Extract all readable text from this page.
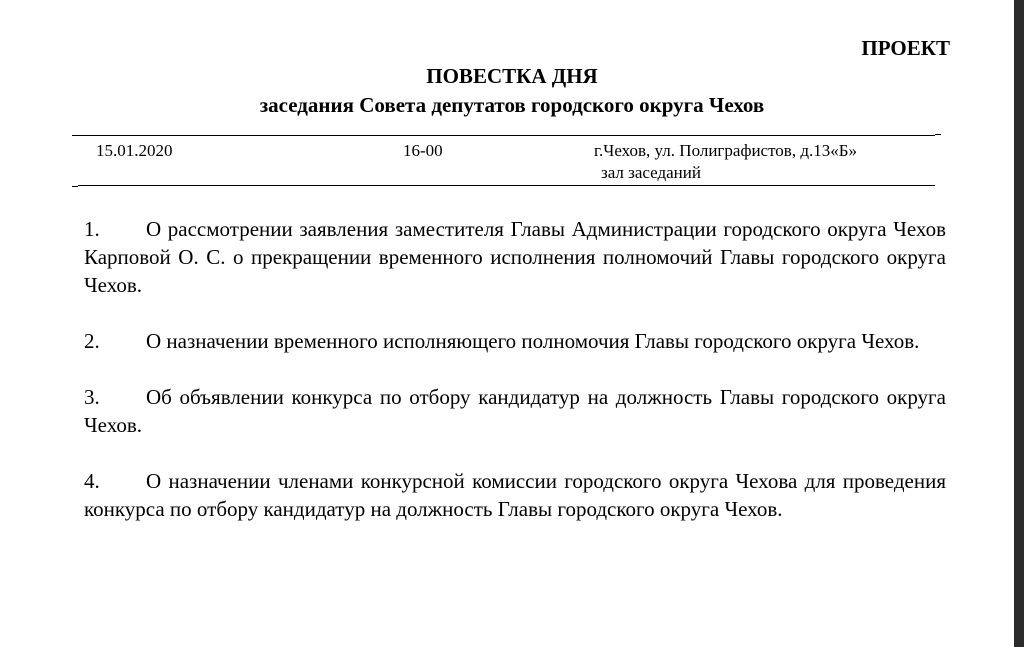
ПРОЕКТ
ПОВЕСТКА ДНЯ
заседания Совета депутатов городского округа Чехов
15.01.2020	16-00	г.Чехов, ул. Полиграфистов, д.13«Б»
зал заседаний
1. О рассмотрении заявления заместителя Главы Администрации городского округа Чехов Карповой О. С. о прекращении временного исполнения полномочий Главы городского округа Чехов.
2. О назначении временного исполняющего полномочия Главы городского округа Чехов.
3. Об объявлении конкурса по отбору кандидатур на должность Главы городского округа Чехов.
4. О назначении членами конкурсной комиссии городского округа Чехова для проведения конкурса по отбору кандидатур на должность Главы городского округа Чехов.
